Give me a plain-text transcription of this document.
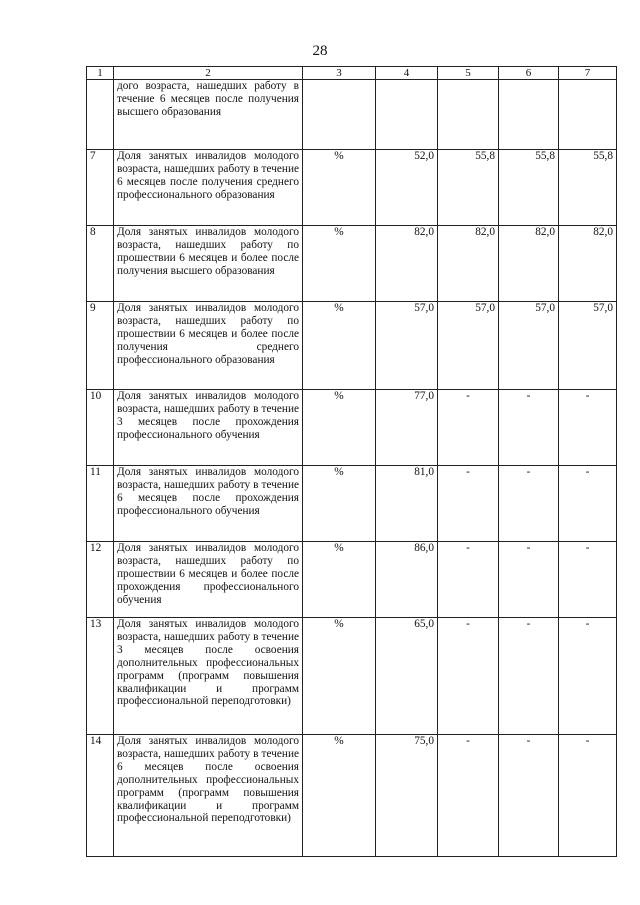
28
1	2	3	4	5	6	7
	дого возраста, нашедших работу в течение 6 месяцев после получения высшего образования					
7	Доля занятых инвалидов молодого возраста, нашедших работу в течение 6 месяцев после получения среднего профессионального образования	%	52,0	55,8	55,8	55,8
8	Доля занятых инвалидов молодого возраста, нашедших работу по прошествии 6 месяцев и более после получения высшего образования	%	82,0	82,0	82,0	82,0
9	Доля занятых инвалидов молодого возраста, нашедших работу по прошествии 6 месяцев и более после получения среднего профессионального образования	%	57,0	57,0	57,0	57,0
10	Доля занятых инвалидов молодого возраста, нашедших работу в течение 3 месяцев после прохождения профессионального обучения	%	77,0	-	-	-
11	Доля занятых инвалидов молодого возраста, нашедших работу в течение 6 месяцев после прохождения профессионального обучения	%	81,0	-	-	-
12	Доля занятых инвалидов молодого возраста, нашедших работу по прошествии 6 месяцев и более после прохождения профессионального обучения	%	86,0	-	-	-
13	Доля занятых инвалидов молодого возраста, нашедших работу в течение 3 месяцев после освоения дополнительных профессиональных программ (программ повышения квалификации и программ профессиональной переподготовки)	%	65,0	-	-	-
14	Доля занятых инвалидов молодого возраста, нашедших работу в течение 6 месяцев после освоения дополнительных профессиональных программ (программ повышения квалификации и программ профессиональной переподготовки)	%	75,0	-	-	-
